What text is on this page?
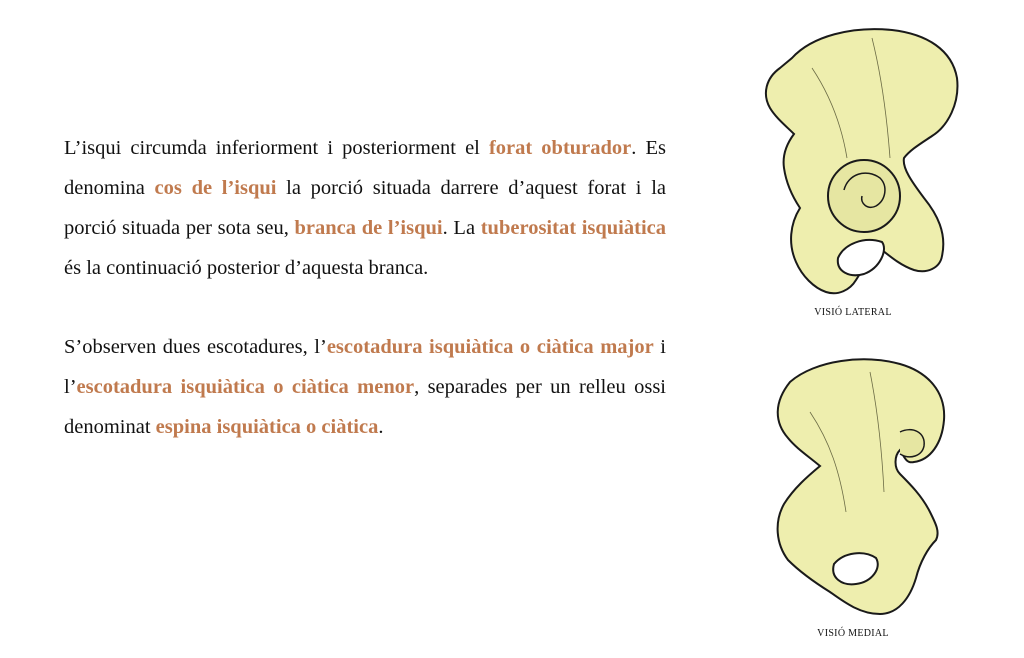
L’isqui circumda inferiorment i posteriorment el forat obturador. Es denomina cos de l’isqui la porció situada darrere d’aquest forat i la porció situada per sota seu, branca de l’isqui. La tuberositat isquiàtica és la continuació posterior d’aquesta branca.

S’observen dues escotadures, l’escotadura isquiàtica o ciàtica major i l’escotadura isquiàtica o ciàtica menor, separades per un relleu ossi denominat espina isquiàtica o ciàtica.

VISIÓ LATERAL
VISIÓ MEDIAL
